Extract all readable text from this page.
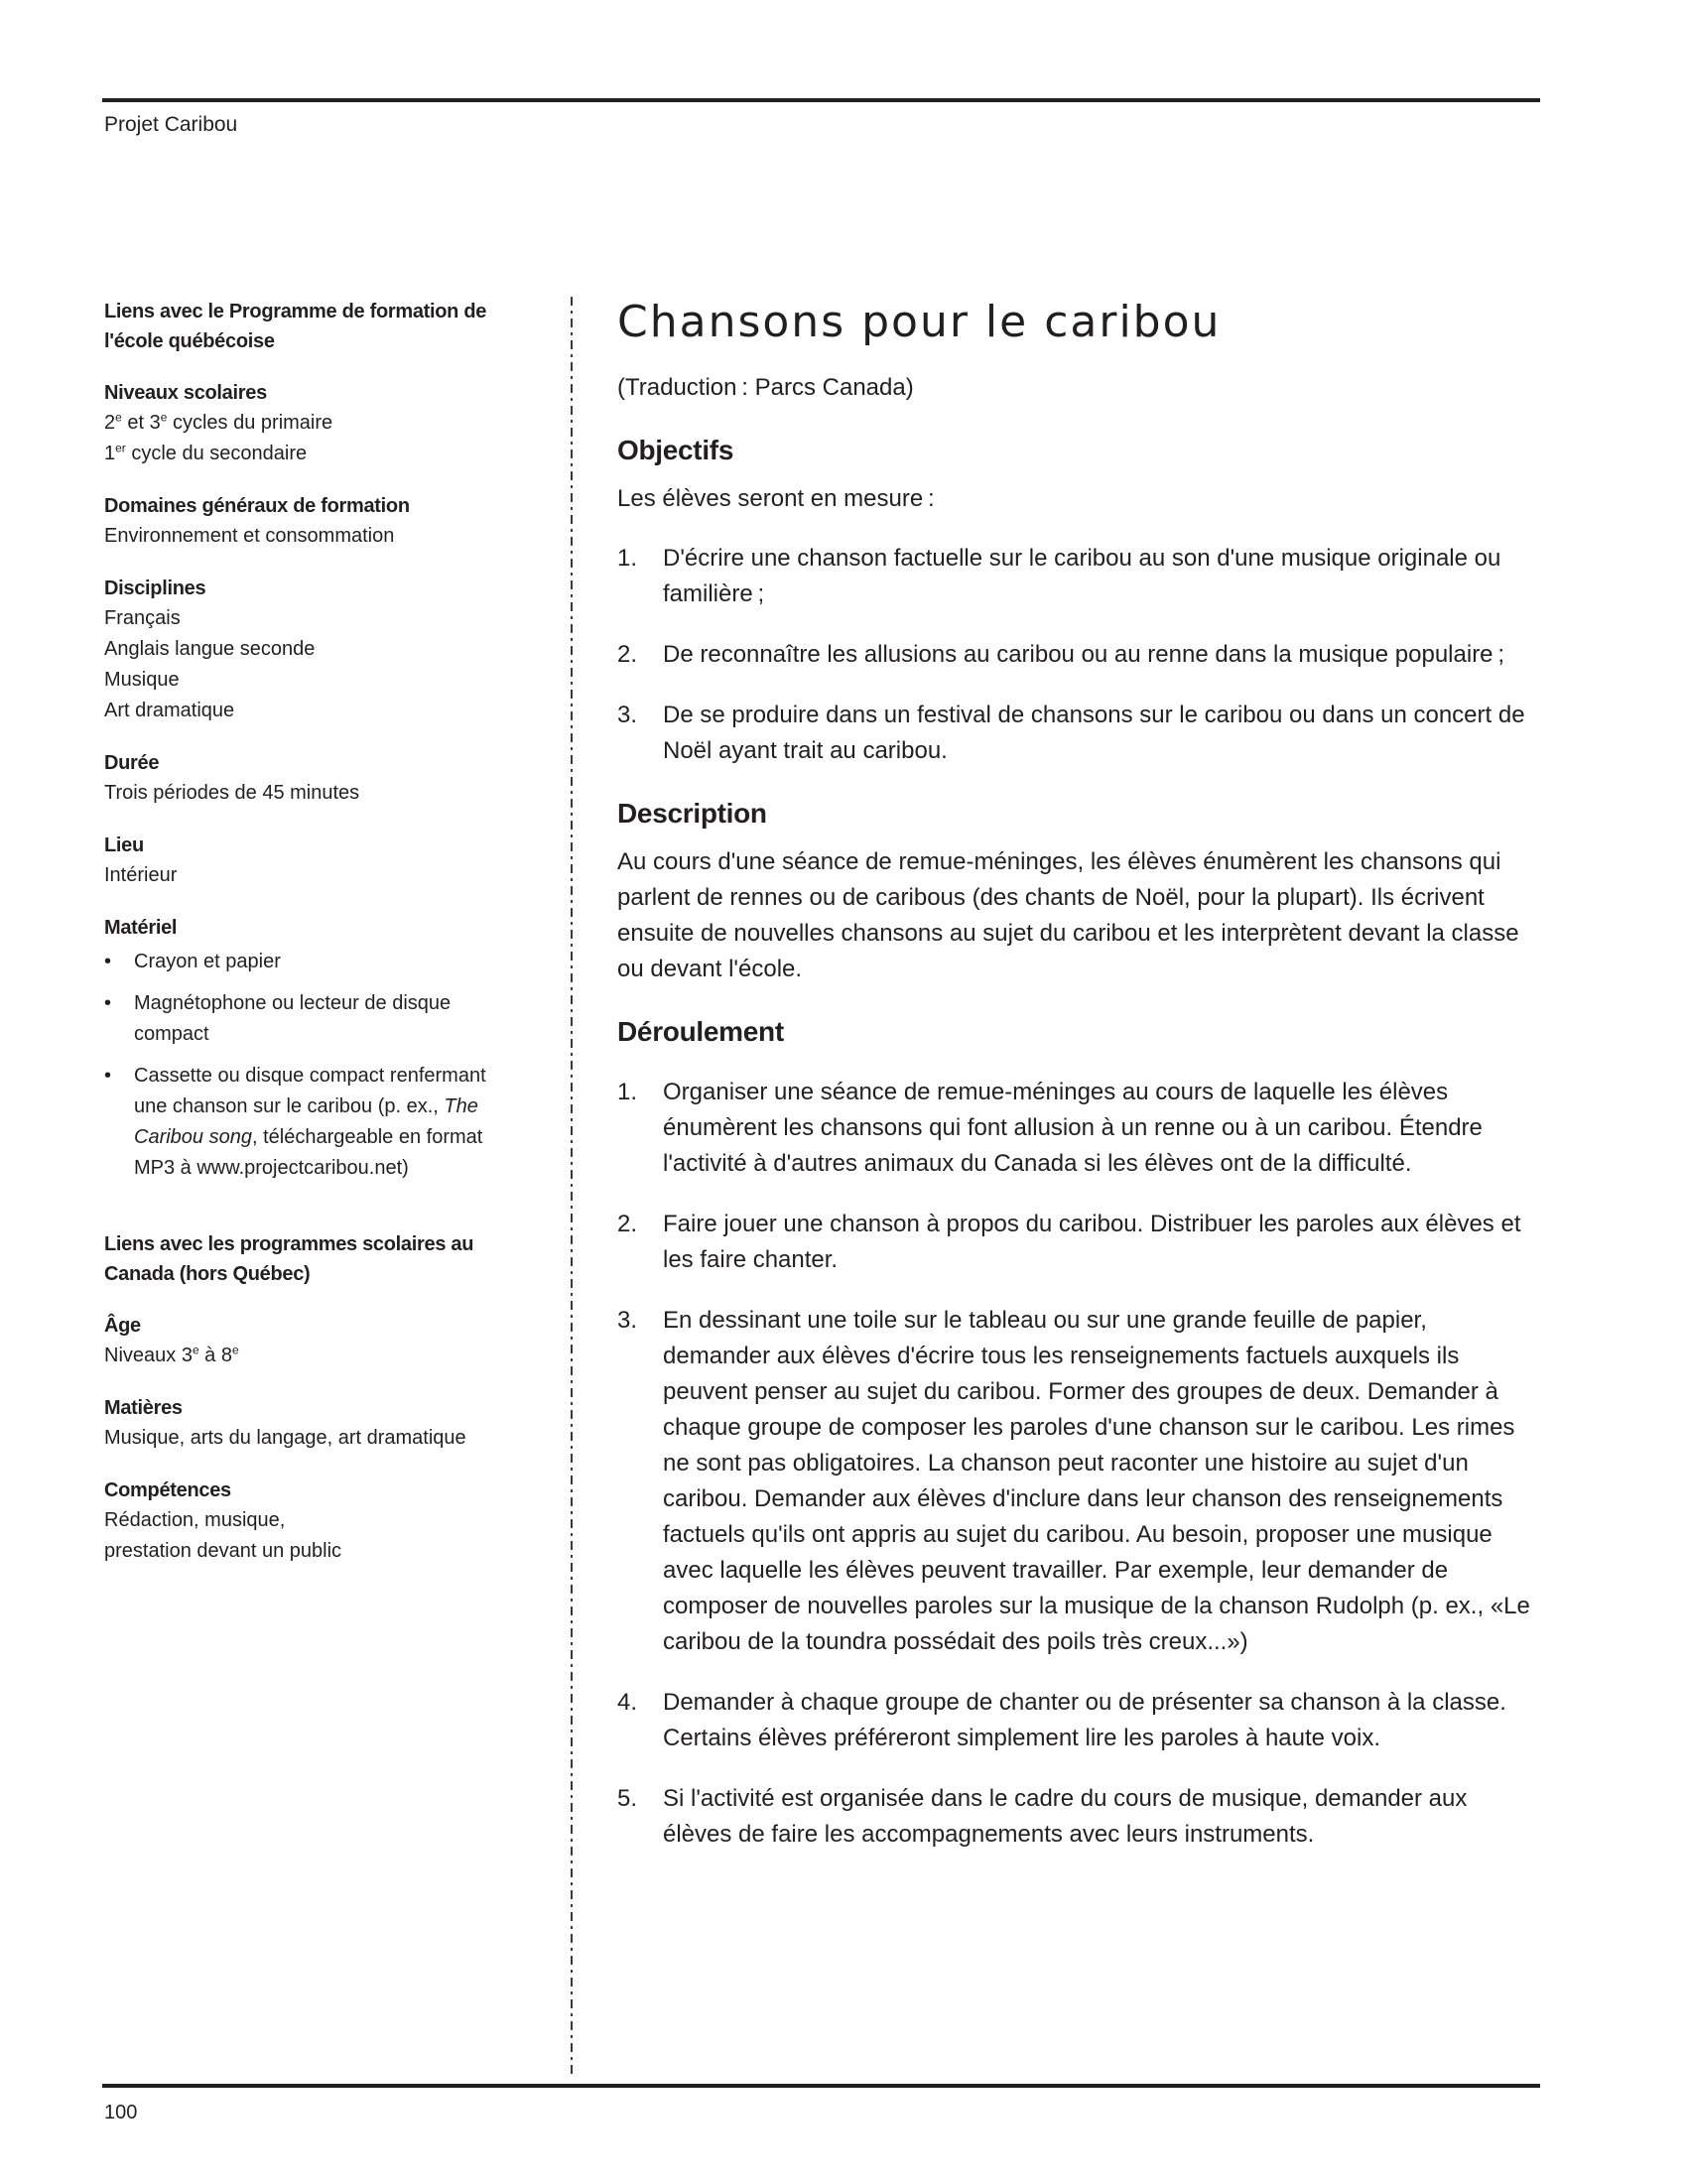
Projet Caribou
Liens avec le Programme de formation de l'école québécoise
Niveaux scolaires

2e et 3e cycles du primaire

1er cycle du secondaire

Domaines généraux de formation

Environnement et consommation

Disciplines

Français

Anglais langue seconde

Musique

Art dramatique

Durée

Trois périodes de 45 minutes

Lieu

Intérieur

Matériel
•	Crayon et papier
•	Magnétophone ou lecteur de disque compact
•	Cassette ou disque compact renfermant une chanson sur le caribou (p. ex., The Caribou song, téléchargeable en format MP3 à www.projectcaribou.net)
Liens avec les programmes scolaires au Canada (hors Québec)
Âge

Niveaux 3e à 8e

Matières

Musique, arts du langage, art dramatique

Compétences

Rédaction, musique,

prestation devant un public

Chansons pour le caribou

(Traduction : Parcs Canada)

Objectifs

Les élèves seront en mesure :

1.	D'écrire une chanson factuelle sur le caribou au son d'une musique originale ou familière ;
2.	De reconnaître les allusions au caribou ou au renne dans la musique populaire ;
3.	De se produire dans un festival de chansons sur le caribou ou dans un concert de Noël ayant trait au caribou.
Description

Au cours d'une séance de remue-méninges, les élèves énumèrent les chansons qui parlent de rennes ou de caribous (des chants de Noël, pour la plupart). Ils écrivent ensuite de nouvelles chansons au sujet du caribou et les interprètent devant la classe ou devant l'école.

Déroulement
1.	Organiser une séance de remue-méninges au cours de laquelle les élèves énumèrent les chansons qui font allusion à un renne ou à un caribou. Étendre l'activité à d'autres animaux du Canada si les élèves ont de la difficulté.
2.	Faire jouer une chanson à propos du caribou. Distribuer les paroles aux élèves et les faire chanter.
3.	En dessinant une toile sur le tableau ou sur une grande feuille de papier, demander aux élèves d'écrire tous les renseignements factuels auxquels ils peuvent penser au sujet du caribou. Former des groupes de deux. Demander à chaque groupe de composer les paroles d'une chanson sur le caribou. Les rimes ne sont pas obligatoires. La chanson peut raconter une histoire au sujet d'un caribou. Demander aux élèves d'inclure dans leur chanson des renseignements factuels qu'ils ont appris au sujet du caribou. Au besoin, proposer une musique avec laquelle les élèves peuvent travailler. Par exemple, leur demander de composer de nouvelles paroles sur la musique de la chanson Rudolph (p. ex., «Le caribou de la toundra possédait des poils très creux...»)
4.	Demander à chaque groupe de chanter ou de présenter sa chanson à la classe. Certains élèves préféreront simplement lire les paroles à haute voix.
5.	Si l'activité est organisée dans le cadre du cours de musique, demander aux élèves de faire les accompagnements avec leurs instruments.
100
